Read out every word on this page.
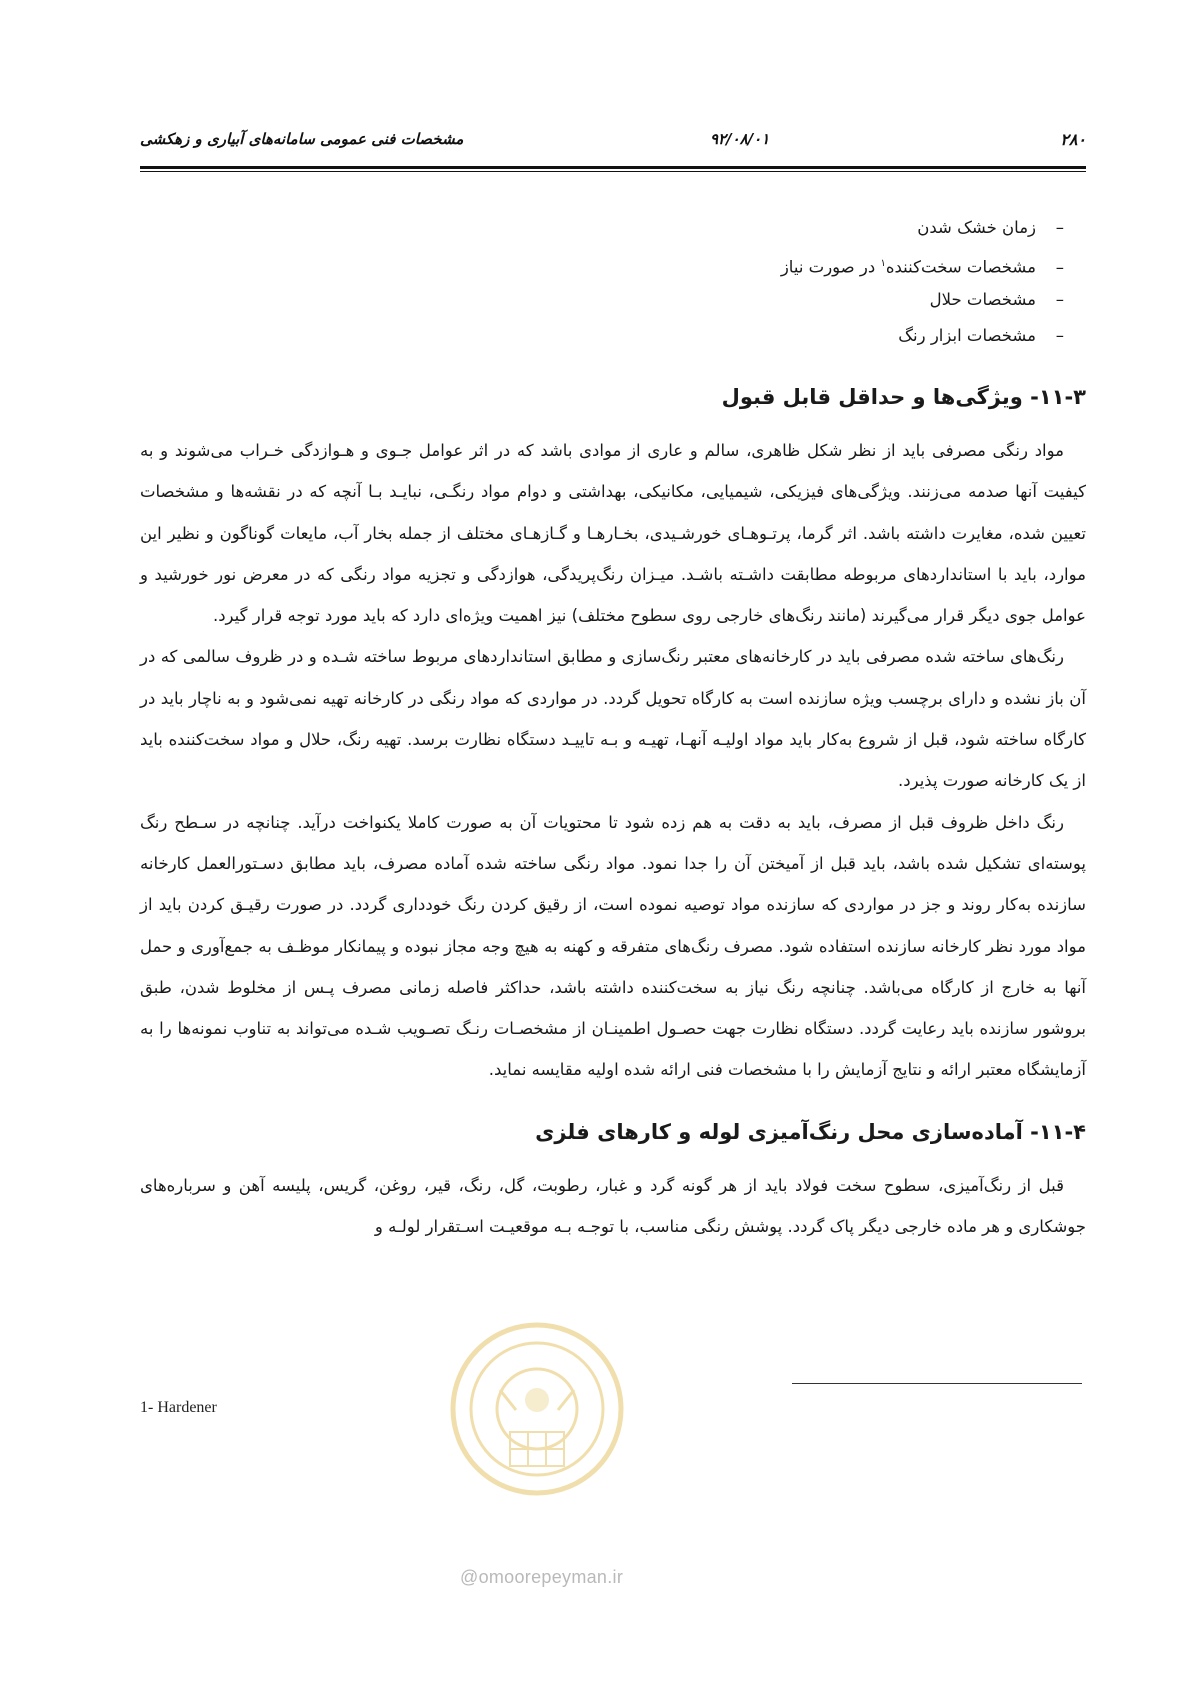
۲۸۰
۹۲/۰۸/۰۱
مشخصات فنی عمومی سامانه‌های آبیاری و زهکشی
–زمان خشک شدن
–مشخصات سخت‌کننده$^۱$ در صورت نیاز
–مشخصات حلال
–مشخصات ابزار رنگ
۱۱-۳- ویژگی‌ها و حداقل قابل قبول

مواد رنگی مصرفی باید از نظر شکل ظاهری، سالم و عاری از موادی باشد که در اثر عوامل جـوی و هـوازدگی خـراب می‌شوند و به کیفیت آنها صدمه می‌زنند. ویژگی‌های فیزیکی، شیمیایی، مکانیکی، بهداشتی و دوام مواد رنگـی، نبایـد بـا آنچه که در نقشه‌ها و مشخصات تعیین شده، مغایرت داشته باشد. اثر گرما، پرتـوهـای خورشـیدی، بخـارهـا و گـازهـای مختلف از جمله بخار آب، مایعات گوناگون و نظیر این موارد، باید با استانداردهای مربوطه مطابقت داشـته باشـد. میـزان رنگ‌پریدگی، هوازدگی و تجزیه مواد رنگی که در معرض نور خورشید و عوامل جوی دیگر قرار می‌گیرند (مانند رنگ‌های خارجی روی سطوح مختلف) نیز اهمیت ویژه‌ای دارد که باید مورد توجه قرار گیرد.

رنگ‌های ساخته شده مصرفی باید در کارخانه‌های معتبر رنگ‌سازی و مطابق استانداردهای مربوط ساخته شـده و در ظروف سالمی که در آن باز نشده و دارای برچسب ویژه سازنده است به کارگاه تحویل گردد. در مواردی که مواد رنگی در کارخانه تهیه نمی‌شود و به ناچار باید در کارگاه ساخته شود، قبل از شروع به‌کار باید مواد اولیـه آنهـا، تهیـه و بـه تاییـد دستگاه نظارت برسد. تهیه رنگ، حلال و مواد سخت‌کننده باید از یک کارخانه صورت پذیرد.

رنگ داخل ظروف قبل از مصرف، باید به دقت به هم زده شود تا محتویات آن به صورت کاملا یکنواخت درآید. چنانچه در سـطح رنگ پوسته‌ای تشکیل شده باشد، باید قبل از آمیختن آن را جدا نمود. مواد رنگی ساخته شده آماده مصرف، باید مطابق دسـتورالعمل کارخانه سازنده به‌کار روند و جز در مواردی که سازنده مواد توصیه نموده است، از رقیق کردن رنگ خودداری گردد. در صورت رقیـق کردن باید از مواد مورد نظر کارخانه سازنده استفاده شود. مصرف رنگ‌های متفرقه و کهنه به هیچ وجه مجاز نبوده و پیمانکار موظـف به جمع‌آوری و حمل آنها به خارج از کارگاه می‌باشد. چنانچه رنگ نیاز به سخت‌کننده داشته باشد، حداکثر فاصله زمانی مصرف پـس از مخلوط شدن، طبق بروشور سازنده باید رعایت گردد. دستگاه نظارت جهت حصـول اطمینـان از مشخصـات رنـگ تصـویب شـده می‌تواند به تناوب نمونه‌ها را به آزمایشگاه معتبر ارائه و نتایج آزمایش را با مشخصات فنی ارائه شده اولیه مقایسه نماید.

۱۱-۴- آماده‌سازی محل رنگ‌آمیزی لوله و کارهای فلزی

قبل از رنگ‌آمیزی، سطوح سخت فولاد باید از هر گونه گرد و غبار، رطوبت، گل، رنگ، قیر، روغن، گریس، پلیسه آهن و سرباره‌های جوشکاری و هر ماده خارجی دیگر پاک گردد. پوشش رنگی مناسب، با توجـه بـه موقعیـت اسـتقرار لولـه و

1- Hardener
@omoorepeyman.ir
